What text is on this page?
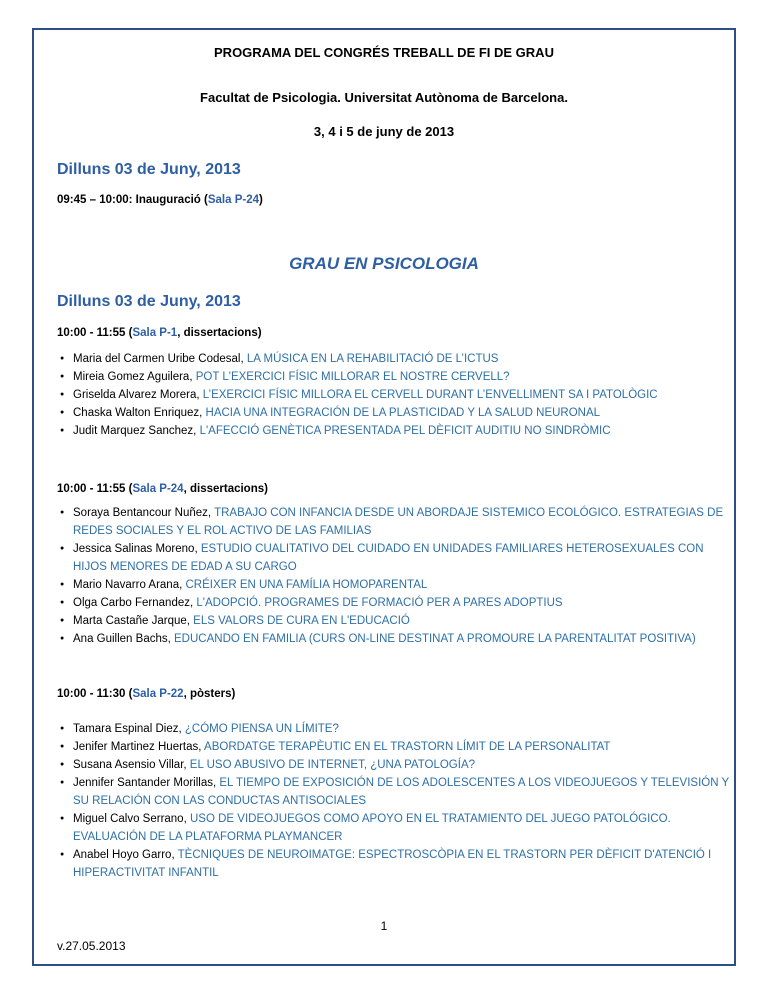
PROGRAMA DEL CONGRÉS TREBALL DE FI DE GRAU
Facultat de Psicologia. Universitat Autònoma de Barcelona.
3, 4 i 5 de juny de 2013
Dilluns 03 de Juny, 2013
09:45 – 10:00: Inauguració (Sala P-24)
GRAU EN PSICOLOGIA
Dilluns 03 de Juny, 2013
10:00 - 11:55 (Sala P-1, dissertacions)
● Maria del Carmen Uribe Codesal, LA MÚSICA EN LA REHABILITACIÓ DE L’ICTUS
● Mireia Gomez Aguilera, POT L'EXERCICI FÍSIC MILLORAR EL NOSTRE CERVELL?
● Griselda Alvarez Morera, L’EXERCICI FÍSIC MILLORA EL CERVELL DURANT L’ENVELLIMENT SA I PATOLÒGIC
● Chaska Walton Enriquez, HACIA UNA INTEGRACIÓN DE LA PLASTICIDAD Y LA SALUD NEURONAL
● Judit Marquez Sanchez, L'AFECCIÓ GENÈTICA PRESENTADA PEL DÈFICIT AUDITIU NO SINDRÒMIC
10:00 - 11:55 (Sala P-24, dissertacions)
● Soraya Bentancour Nuñez, TRABAJO CON INFANCIA DESDE UN ABORDAJE SISTEMICO ECOLÓGICO. ESTRATEGIAS DE REDES SOCIALES Y EL ROL ACTIVO DE LAS FAMILIAS
● Jessica Salinas Moreno, ESTUDIO CUALITATIVO DEL CUIDADO EN UNIDADES FAMILIARES HETEROSEXUALES CON HIJOS MENORES DE EDAD A SU CARGO
● Mario Navarro Arana, CRÉIXER EN UNA FAMÍLIA HOMOPARENTAL
● Olga Carbo Fernandez, L'ADOPCIÓ. PROGRAMES DE FORMACIÓ PER A PARES ADOPTIUS
● Marta Castañe Jarque, ELS VALORS DE CURA EN L'EDUCACIÓ
● Ana Guillen Bachs, EDUCANDO EN FAMILIA (CURS ON-LINE DESTINAT A PROMOURE LA PARENTALITAT POSITIVA)
10:00 - 11:30 (Sala P-22, pòsters)
● Tamara Espinal Diez, ¿CÓMO PIENSA UN LÍMITE?
● Jenifer Martinez Huertas, ABORDATGE TERAPÈUTIC EN EL TRASTORN LÍMIT DE LA PERSONALITAT
● Susana Asensio Villar, EL USO ABUSIVO DE INTERNET, ¿UNA PATOLOGÍA?
● Jennifer Santander Morillas, EL TIEMPO DE EXPOSICIÓN DE LOS ADOLESCENTES A LOS VIDEOJUEGOS Y TELEVISIÓN Y SU RELACIÓN CON LAS CONDUCTAS ANTISOCIALES
● Miguel Calvo Serrano, USO DE VIDEOJUEGOS COMO APOYO EN EL TRATAMIENTO DEL JUEGO PATOLÓGICO. EVALUACIÓN DE LA PLATAFORMA PLAYMANCER
● Anabel Hoyo Garro, TÈCNIQUES DE NEUROIMATGE: ESPECTROSCÒPIA EN EL TRASTORN PER DÈFICIT D'ATENCIÓ I HIPERACTIVITAT INFANTIL
1
v.27.05.2013
